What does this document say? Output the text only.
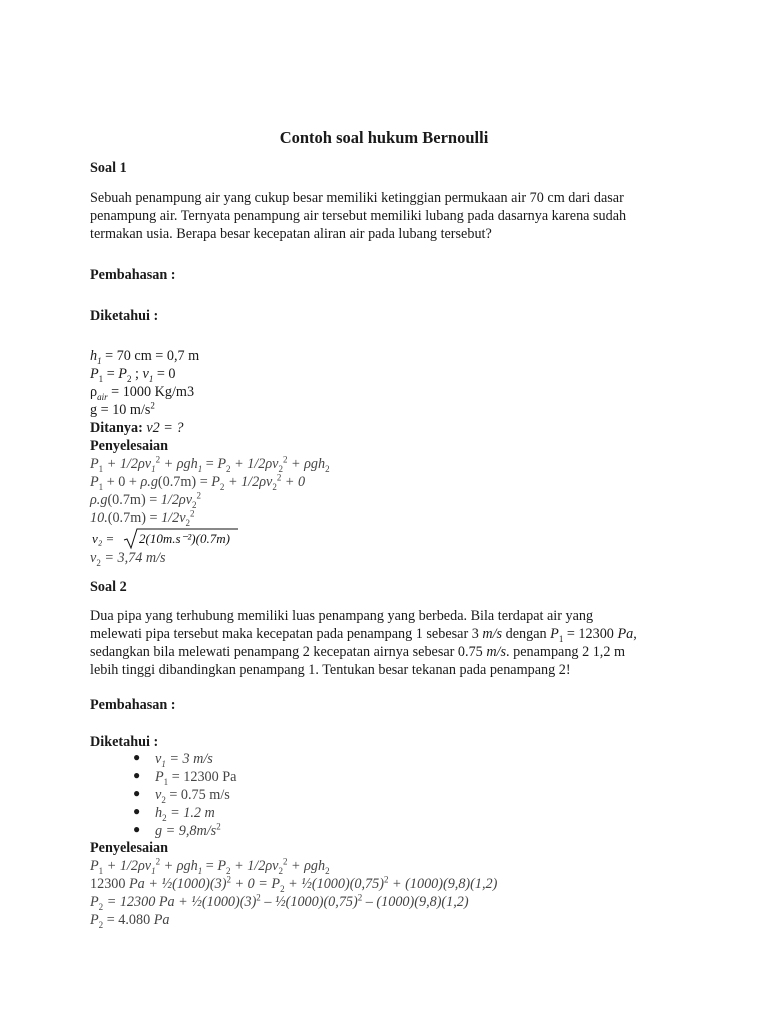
Contoh soal hukum Bernoulli
Soal 1
Sebuah penampung air yang cukup besar memiliki ketinggian permukaan air 70 cm dari dasar
penampung air. Ternyata penampung air tersebut memiliki lubang pada dasarnya karena sudah
termakan usia. Berapa besar kecepatan aliran air pada lubang tersebut?
Pembahasan :
Diketahui :
$h_1 = 70$ cm = 0,7 m
$P_1 = P_2$ ; $v_1 = 0$
$\rho_{air} = 1000$ Kg/m3
g = 10 $m/s^2$
Ditanya: v2 = ?
Penyelesaian
$P_1 + 1/2\rho v_1^2 + \rho gh_1 = P_2 + 1/2\rho v_2^2 + \rho gh_2$
$P_1 + 0 + \rho.g(0.7m) = P_2 + 1/2\rho v_2^2 + 0$
$\rho.g(0.7m) = 1/2\rho v_2^2$
$10.(0.7m) = 1/2v_2^2$
v₂ = 2(10m.s⁻²)(0.7m)
$v_2 = 3,74$ m/s
Soal 2
Dua pipa yang terhubung memiliki luas penampang yang berbeda. Bila terdapat air yang
melewati pipa tersebut maka kecepatan pada penampang 1 sebesar 3 m/s dengan $P_1 = 12300$ Pa,
sedangkan bila melewati penampang 2 kecepatan airnya sebesar 0.75 m/s. penampang 2 1,2 m
lebih tinggi dibandingkan penampang 1. Tentukan besar tekanan pada penampang 2!
Pembahasan :
Diketahui :
● $v_1 = 3$ m/s
● $P_1 = 12300$ Pa
● $v_2 = 0.75$ m/s
● $h_2 = 1.2$ m
● $g = 9,8m/s^2$
Penyelesaian
$P_1 + 1/2\rho v_1^2 + \rho gh_1 = P_2 + 1/2\rho v_2^2 + \rho gh_2$
12300 $Pa + \frac{1}{2}(1000)(3)^2 + 0 = P_2$ + $\frac{1}{2}(1000)(0,75)^2 + (1000)(9,8)(1,2)$
$P_2 = 12300$ $Pa + \frac{1}{2}(1000)(3)^2$ – $\frac{1}{2}(1000)(0,75)^2 - (1000)(9,8)(1,2)$
$P_2 = 4.080$ Pa
